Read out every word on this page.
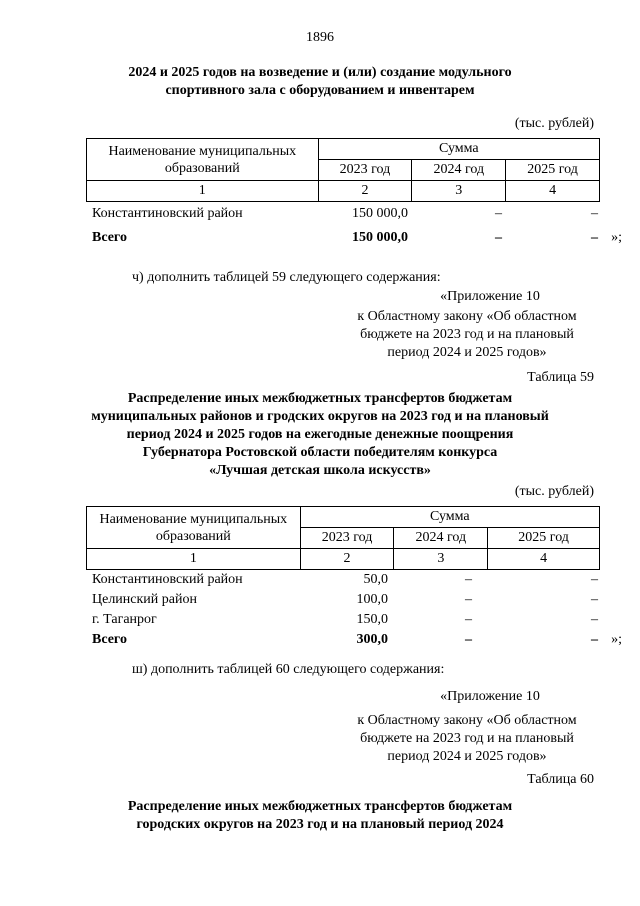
1896
2024 и 2025 годов на возведение и (или) создание модульного
спортивного зала с оборудованием и инвентарем
(тыс. рублей)
Наименование муниципальных
образований	Сумма		
	2023 год	2024 год	2025 год
1	2	3	4
Константиновский район	150 000,0	–	–
Всего	150 000,0	–	– »;
ч) дополнить таблицей 59 следующего содержания:
«Приложение 10
к Областному закону «Об областном
бюджете на 2023 год и на плановый
период 2024 и 2025 годов»
Таблица 59
Распределение иных межбюджетных трансфертов бюджетам
муниципальных районов и гродских округов на 2023 год и на плановый
период 2024 и 2025 годов на ежегодные денежные поощрения
Губернатора Ростовской области победителям конкурса
«Лучшая детская школа искусств»
(тыс. рублей)
Наименование муниципальных
образований	Сумма		
	2023 год	2024 год	2025 год
1	2	3	4
Константиновский район	50,0	–	–
Целинский район	100,0	–	–
г. Таганрог	150,0	–	–
Всего	300,0	–	– »;
ш) дополнить таблицей 60 следующего содержания:
«Приложение 10
к Областному закону «Об областном
бюджете на 2023 год и на плановый
период 2024 и 2025 годов»
Таблица 60
Распределение иных межбюджетных трансфертов бюджетам
городских округов на 2023 год и на плановый период 2024
